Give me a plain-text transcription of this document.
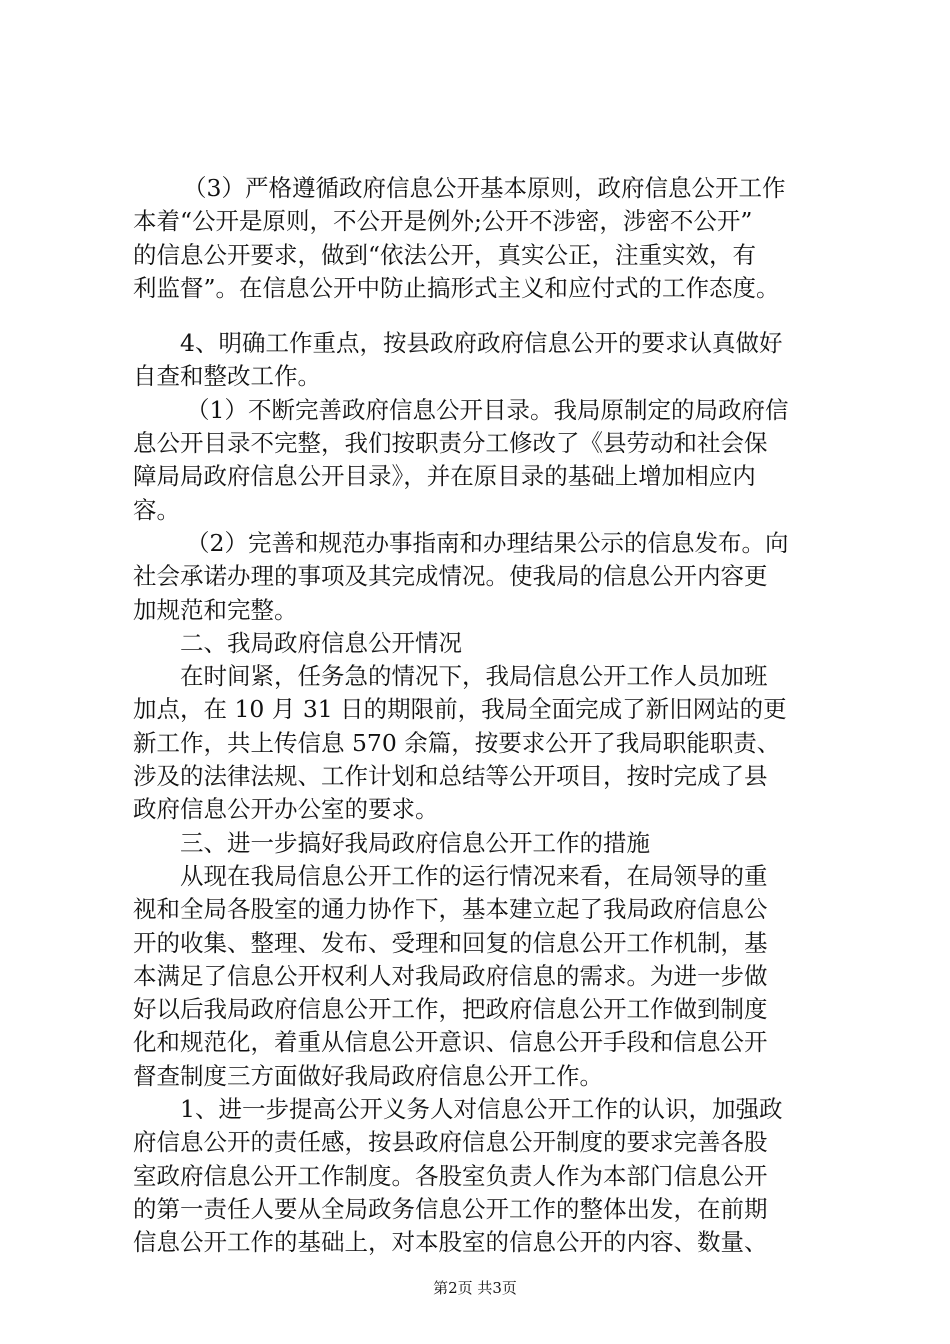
（3）严格遵循政府信息公开基本原则，政府信息公开工作
本着“公开是原则，不公开是例外;公开不涉密，涉密不公开”
的信息公开要求，做到“依法公开，真实公正，注重实效，有
利监督”。在信息公开中防止搞形式主义和应付式的工作态度。
4、明确工作重点，按县政府政府信息公开的要求认真做好
自查和整改工作。
（1）不断完善政府信息公开目录。我局原制定的局政府信
息公开目录不完整，我们按职责分工修改了《县劳动和社会保
障局局政府信息公开目录》，并在原目录的基础上增加相应内
容。
（2）完善和规范办事指南和办理结果公示的信息发布。向
社会承诺办理的事项及其完成情况。使我局的信息公开内容更
加规范和完整。
二、我局政府信息公开情况
在时间紧，任务急的情况下，我局信息公开工作人员加班
加点，在 10 月 31 日的期限前，我局全面完成了新旧网站的更
新工作，共上传信息 570 余篇，按要求公开了我局职能职责、
涉及的法律法规、工作计划和总结等公开项目，按时完成了县
政府信息公开办公室的要求。
三、进一步搞好我局政府信息公开工作的措施
从现在我局信息公开工作的运行情况来看，在局领导的重
视和全局各股室的通力协作下，基本建立起了我局政府信息公
开的收集、整理、发布、受理和回复的信息公开工作机制，基
本满足了信息公开权利人对我局政府信息的需求。为进一步做
好以后我局政府信息公开工作，把政府信息公开工作做到制度
化和规范化，着重从信息公开意识、信息公开手段和信息公开
督查制度三方面做好我局政府信息公开工作。
1、进一步提高公开义务人对信息公开工作的认识，加强政
府信息公开的责任感，按县政府信息公开制度的要求完善各股
室政府信息公开工作制度。各股室负责人作为本部门信息公开
的第一责任人要从全局政务信息公开工作的整体出发，在前期
信息公开工作的基础上，对本股室的信息公开的内容、数量、
第2页 共3页
